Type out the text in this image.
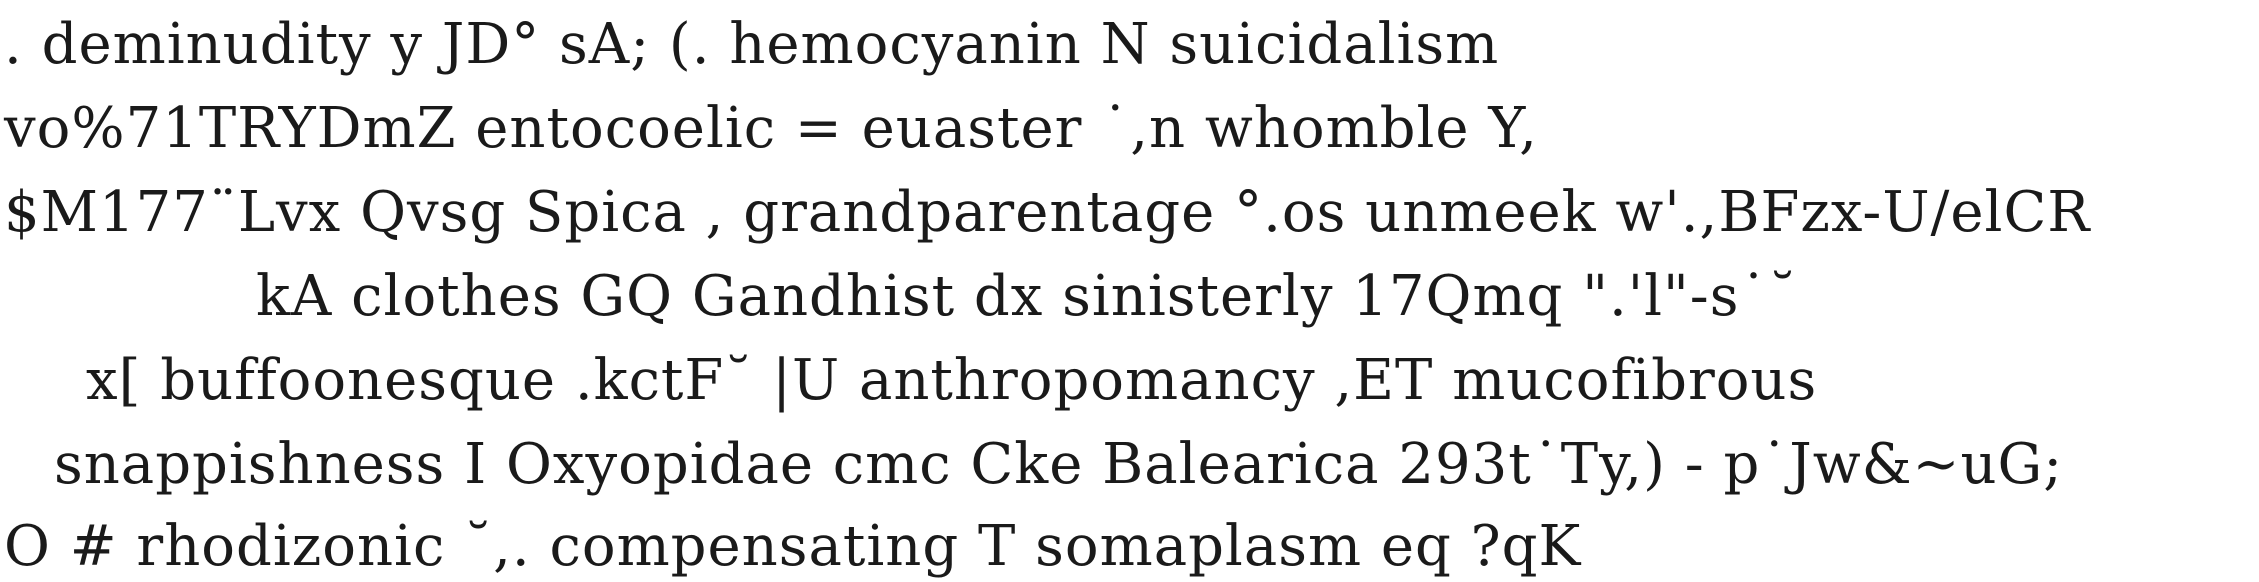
. deminudity y JD° sA; (. hemocyanin N suicidalism
vo%71TRYDmZ entocoelic = euaster ˙,n whomble Y,
$M177¨Lvx Qvsg Spica , grandparentage °.os unmeek w'.,BFzx-U/elCR
kA clothes GQ Gandhist dx sinisterly 17Qmq ".'l"-s˙˘
x[ buffoonesque .kctF˘ |U anthropomancy ,ET mucofibrous
snappishness I Oxyopidae cmc Cke Balearica 293t˙Ty,) - p˙Jw&~uG;
O # rhodizonic ˘,. compensating T somaplasm eq ?qK
